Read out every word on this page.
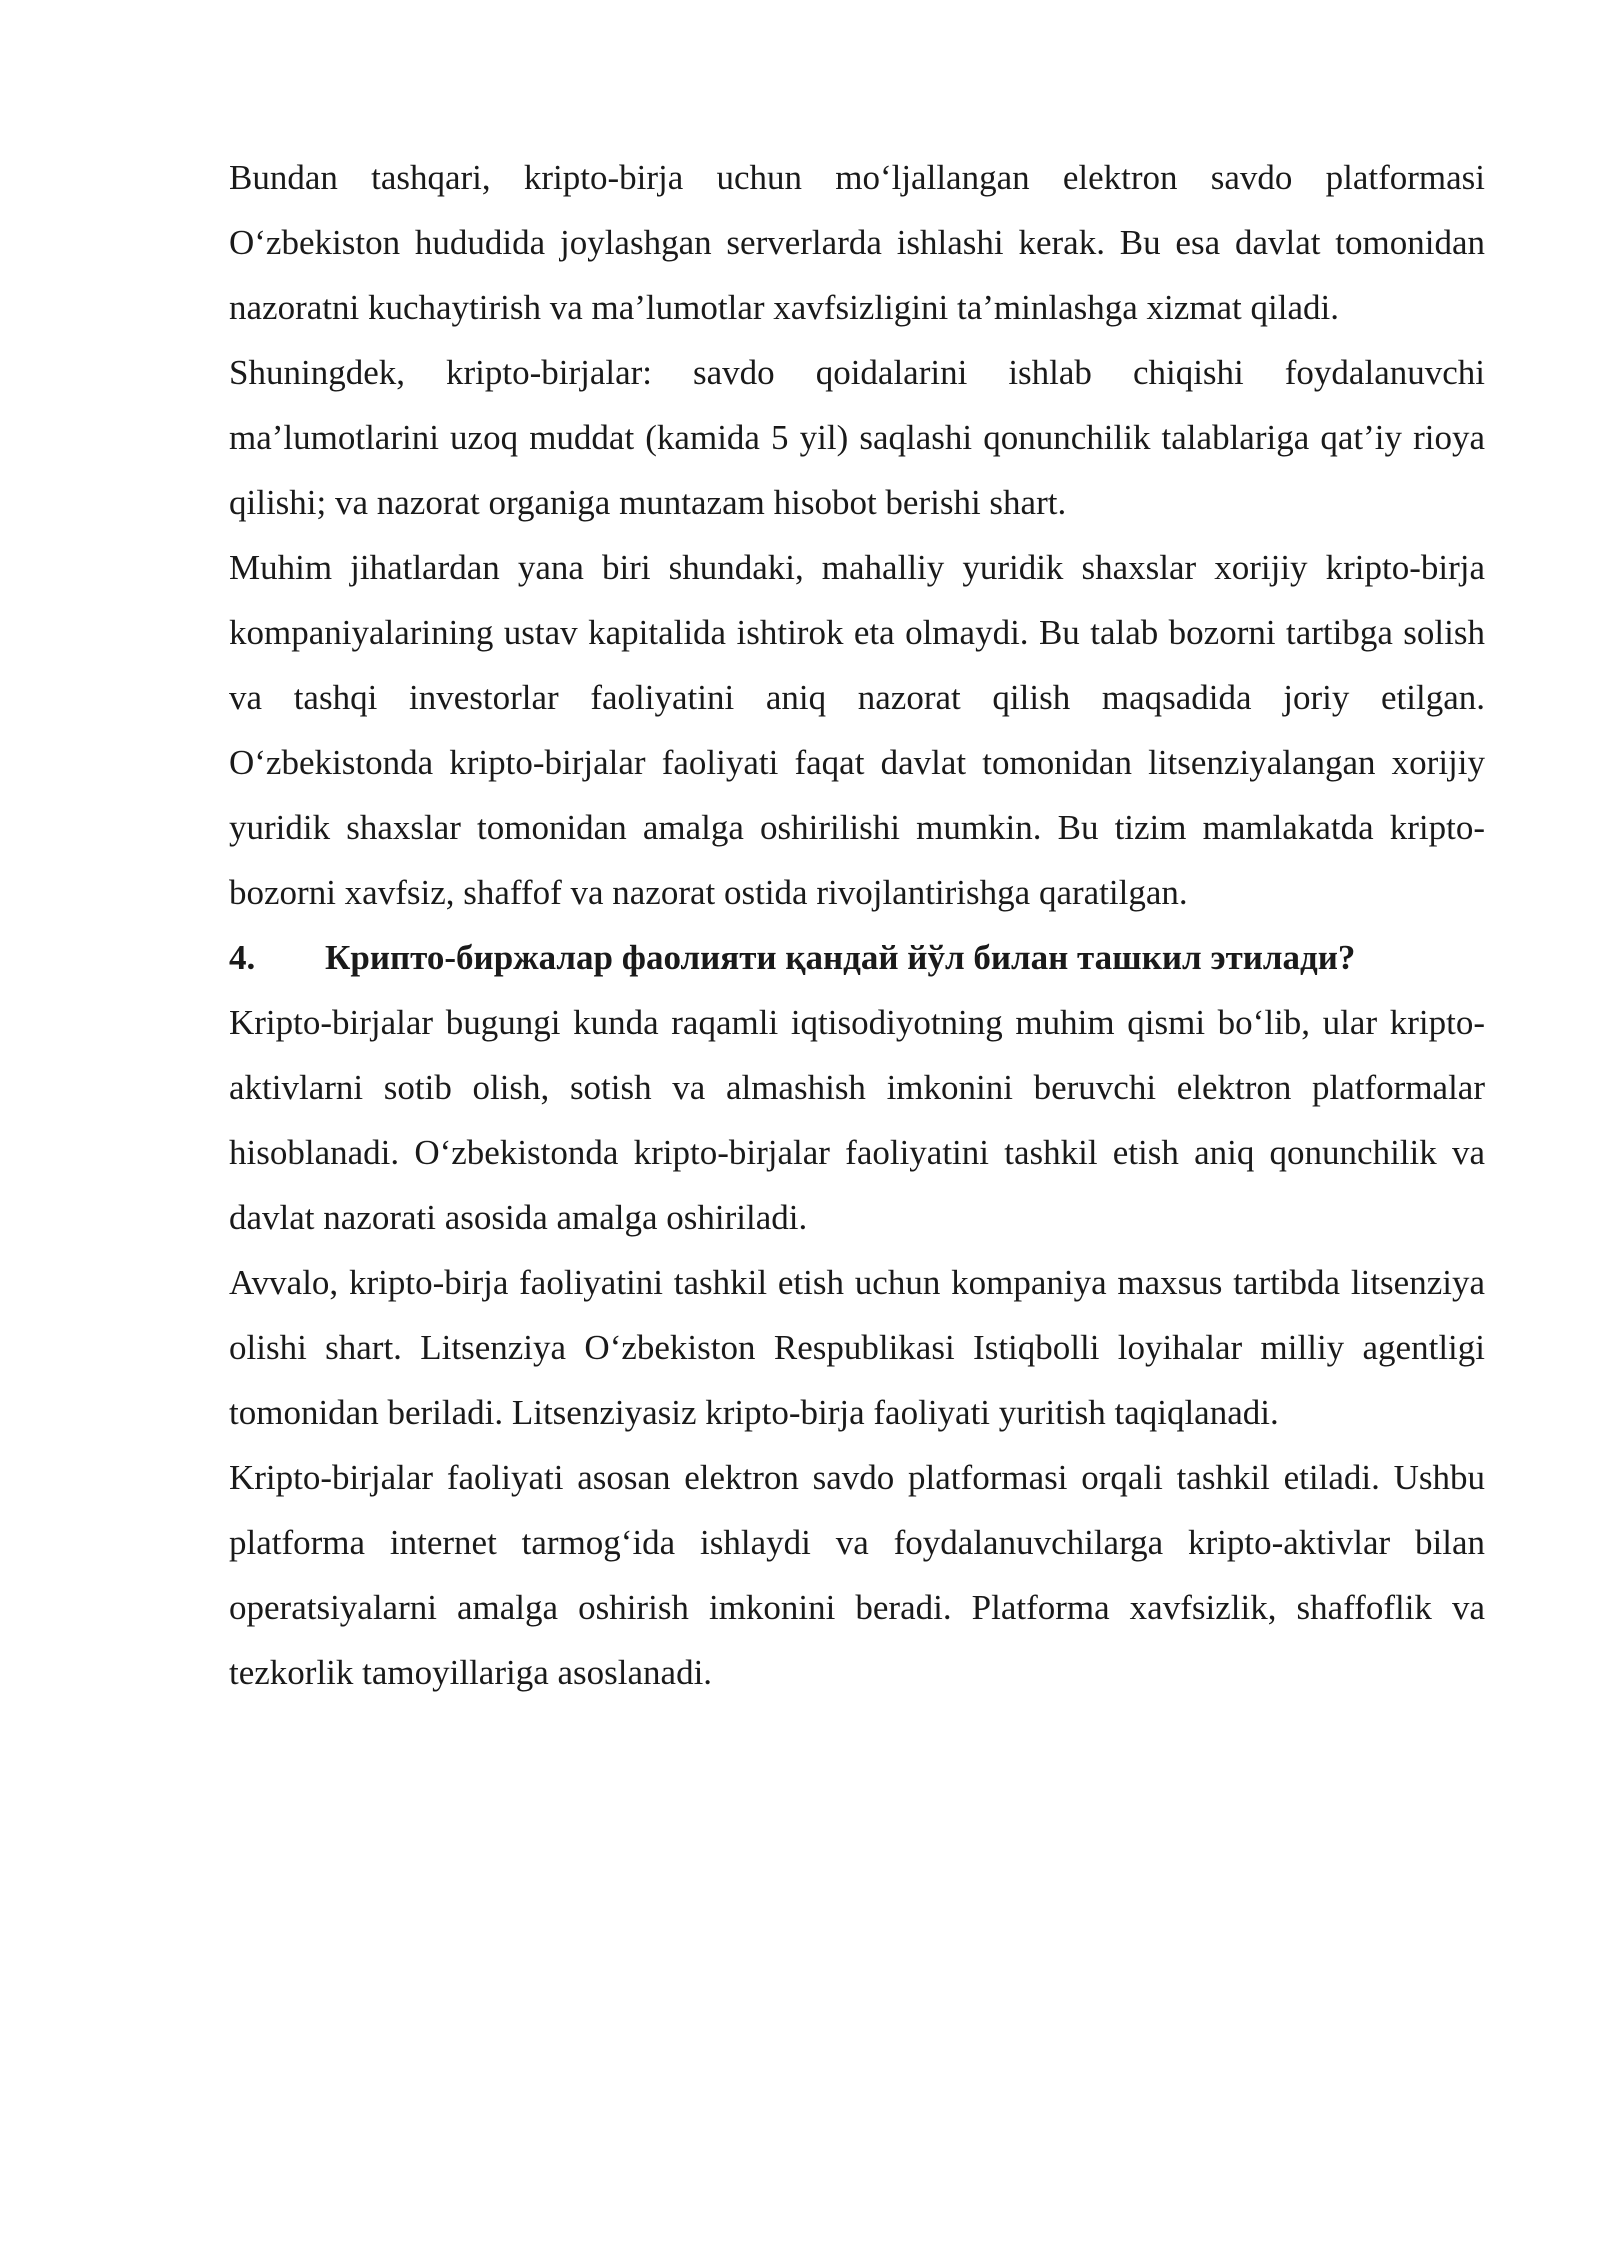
Bundan tashqari, kripto-birja uchun mo‘ljallangan elektron savdo platformasi O‘zbekiston hududida joylashgan serverlarda ishlashi kerak. Bu esa davlat tomonidan nazoratni kuchaytirish va ma’lumotlar xavfsizligini ta’minlashga xizmat qiladi.

Shuningdek, kripto-birjalar: savdo qoidalarini ishlab chiqishi foydalanuvchi ma’lumotlarini uzoq muddat (kamida 5 yil) saqlashi qonunchilik talablariga qat’iy rioya qilishi; va nazorat organiga muntazam hisobot berishi shart.

Muhim jihatlardan yana biri shundaki, mahalliy yuridik shaxslar xorijiy kripto-birja kompaniyalarining ustav kapitalida ishtirok eta olmaydi. Bu talab bozorni tartibga solish va tashqi investorlar faoliyatini aniq nazorat qilish maqsadida joriy etilgan. O‘zbekistonda kripto-birjalar faoliyati faqat davlat tomonidan litsenziyalangan xorijiy yuridik shaxslar tomonidan amalga oshirilishi mumkin. Bu tizim mamlakatda kripto-bozorni xavfsiz, shaffof va nazorat ostida rivojlantirishga qaratilgan.

4.	Крипто-биржалар фаолияти қандай йўл билан ташкил этилади?

Kripto-birjalar bugungi kunda raqamli iqtisodiyotning muhim qismi bo‘lib, ular kripto-aktivlarni sotib olish, sotish va almashish imkonini beruvchi elektron platformalar hisoblanadi. O‘zbekistonda kripto-birjalar faoliyatini tashkil etish aniq qonunchilik va davlat nazorati asosida amalga oshiriladi.

Avvalo, kripto-birja faoliyatini tashkil etish uchun kompaniya maxsus tartibda litsenziya olishi shart. Litsenziya O‘zbekiston Respublikasi Istiqbolli loyihalar milliy agentligi tomonidan beriladi. Litsenziyasiz kripto-birja faoliyati yuritish taqiqlanadi.

Kripto-birjalar faoliyati asosan elektron savdo platformasi orqali tashkil etiladi. Ushbu platforma internet tarmog‘ida ishlaydi va foydalanuvchilarga kripto-aktivlar bilan operatsiyalarni amalga oshirish imkonini beradi. Platforma xavfsizlik, shaffoflik va tezkorlik tamoyillariga asoslanadi.
